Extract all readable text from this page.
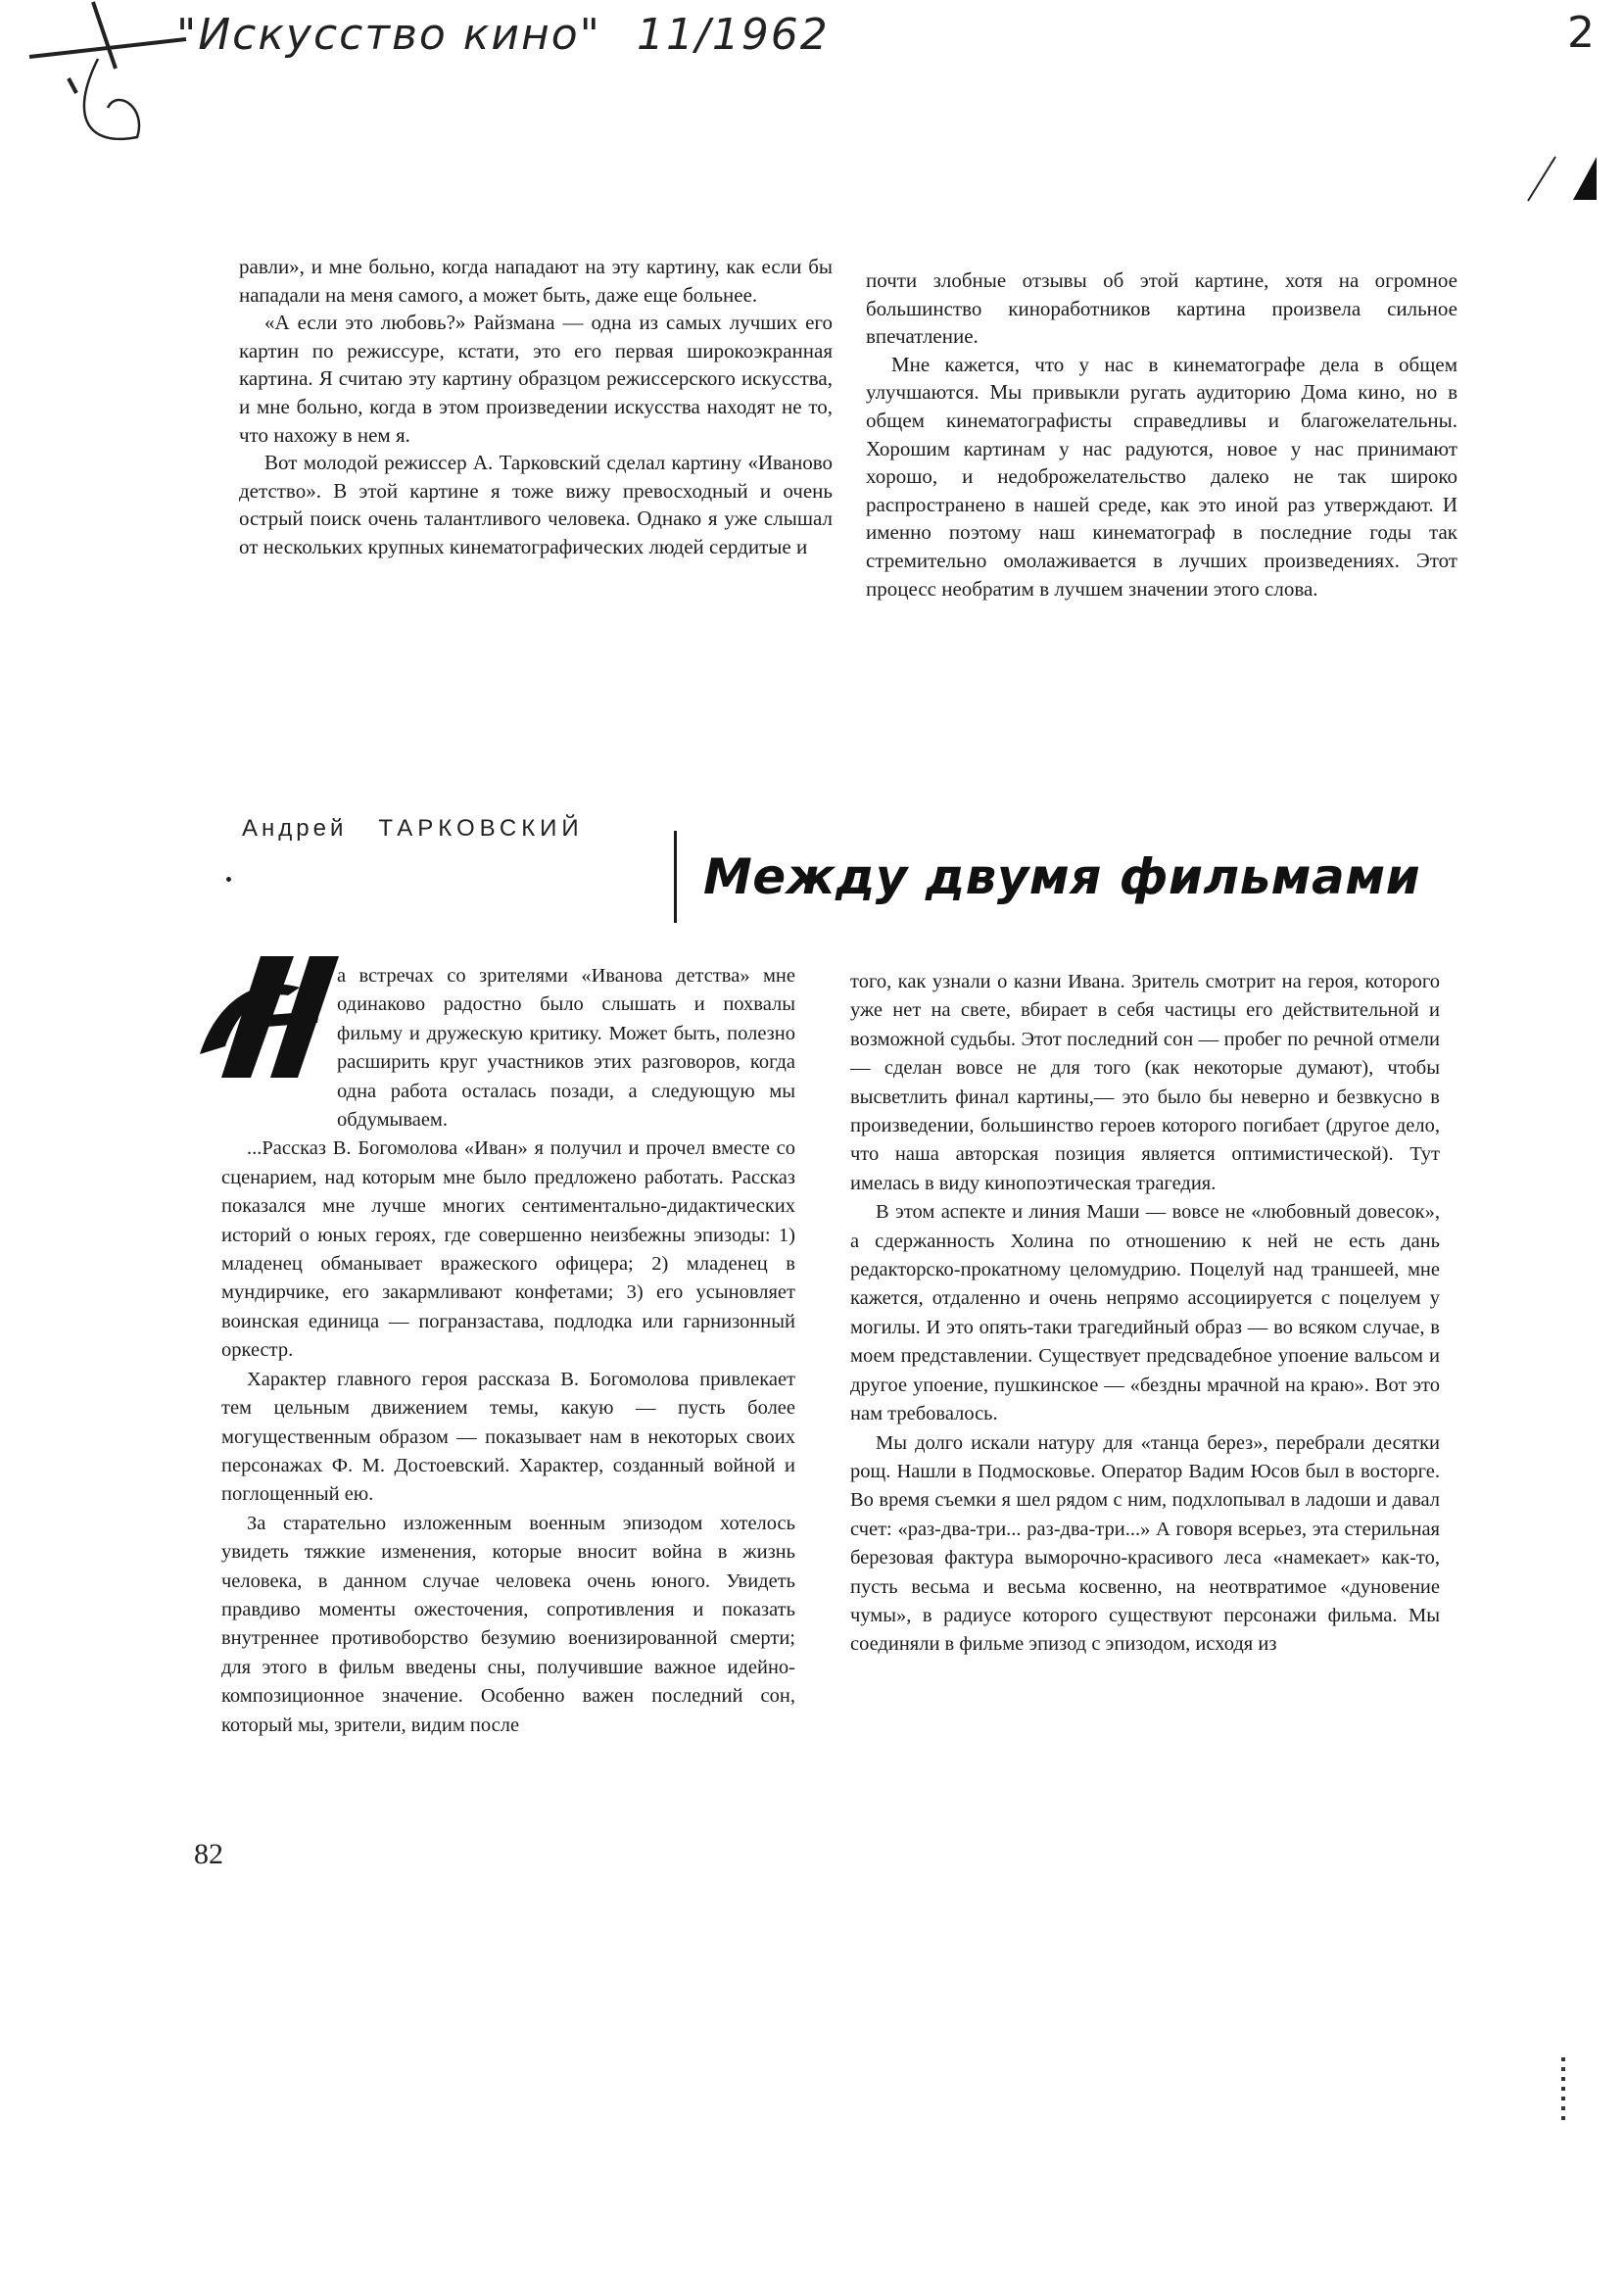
"Искусство кино" 11/1962	2

равли», и мне больно, когда нападают на эту картину, как если бы нападали на меня самого, а может быть, даже еще больнее.

«А если это любовь?» Райзмана — одна из самых лучших его картин по режиссуре, кстати, это его первая широкоэкранная картина. Я считаю эту картину образцом режиссерского искусства, и мне больно, когда в этом произведении искусства находят не то, что нахожу в нем я.

Вот молодой режиссер А. Тарковский сделал картину «Иваново детство». В этой картине я тоже вижу превосходный и очень острый поиск очень талантливого человека. Однако я уже слышал от нескольких крупных кинематографических людей сердитые и

почти злобные отзывы об этой картине, хотя на огромное большинство киноработников картина произвела сильное впечатление.

Мне кажется, что у нас в кинематографе дела в общем улучшаются. Мы привыкли ругать аудиторию Дома кино, но в общем кинематографисты справедливы и благожелательны. Хорошим картинам у нас радуются, новое у нас принимают хорошо, и недоброжелательство далеко не так широко распространено в нашей среде, как это иной раз утверждают. И именно поэтому наш кинематограф в последние годы так стремительно омолаживается в лучших произведениях. Этот процесс необратим в лучшем значении этого слова.

Андрей ТАРКОВСКИЙ
Между двумя фильмами
Н

а встречах со зрителями «Иванова детства» мне одинаково радостно было слышать и похвалы фильму и дружескую критику. Может быть, полезно расширить круг участников этих разговоров, когда одна работа осталась позади, а следующую мы обдумываем.

...Рассказ В. Богомолова «Иван» я получил и прочел вместе со сценарием, над которым мне было предложено работать. Рассказ показался мне лучше многих сентиментально-дидактических историй о юных героях, где совершенно неизбежны эпизоды: 1) младенец обманывает вражеского офицера; 2) младенец в мундирчике, его закармливают конфетами; 3) его усыновляет воинская единица — погранзастава, подлодка или гарнизонный оркестр.

Характер главного героя рассказа В. Богомолова привлекает тем цельным движением темы, какую — пусть более могущественным образом — показывает нам в некоторых своих персонажах Ф. М. Достоевский. Характер, созданный войной и поглощенный ею.

За старательно изложенным военным эпизодом хотелось увидеть тяжкие изменения, которые вносит война в жизнь человека, в данном случае человека очень юного. Увидеть правдиво моменты ожесточения, сопротивления и показать внутреннее противоборство безумию военизированной смерти; для этого в фильм введены сны, получившие важное идейно-композиционное значение. Особенно важен последний сон, который мы, зрители, видим после

того, как узнали о казни Ивана. Зритель смотрит на героя, которого уже нет на свете, вбирает в себя частицы его действительной и возможной судьбы. Этот последний сон — пробег по речной отмели — сделан вовсе не для того (как некоторые думают), чтобы высветлить финал картины,— это было бы неверно и безвкусно в произведении, большинство героев которого погибает (другое дело, что наша авторская позиция является оптимистической). Тут имелась в виду кинопоэтическая трагедия.

В этом аспекте и линия Маши — вовсе не «любовный довесок», а сдержанность Холина по отношению к ней не есть дань редакторско-прокатному целомудрию. Поцелуй над траншеей, мне кажется, отдаленно и очень непрямо ассоциируется с поцелуем у могилы. И это опять-таки трагедийный образ — во всяком случае, в моем представлении. Существует предсвадебное упоение вальсом и другое упоение, пушкинское — «бездны мрачной на краю». Вот это нам требовалось.

Мы долго искали натуру для «танца берез», перебрали десятки рощ. Нашли в Подмосковье. Оператор Вадим Юсов был в восторге. Во время съемки я шел рядом с ним, подхлопывал в ладоши и давал счет: «раз-два-три... раз-два-три...» А говоря всерьез, эта стерильная березовая фактура выморочно-красивого леса «намекает» как-то, пусть весьма и весьма косвенно, на неотвратимое «дуновение чумы», в радиусе которого существуют персонажи фильма. Мы соединяли в фильме эпизод с эпизодом, исходя из

82
